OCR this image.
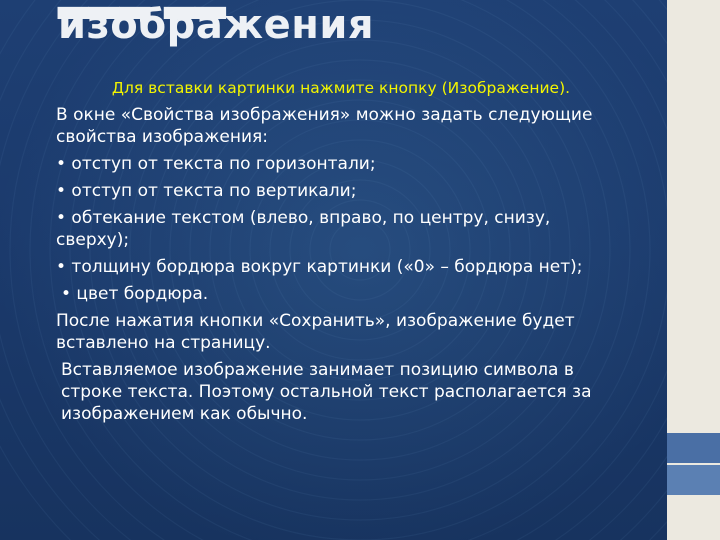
изображения

Для вставки картинки нажмите кнопку (Изображение).

В окне «Свойства изображения» можно задать следующие свойства изображения:

• отступ от текста по горизонтали;

• отступ от текста по вертикали;

• обтекание текстом (влево, вправо, по центру, снизу, сверху);

• толщину бордюра вокруг картинки («0» – бордюра нет);

• цвет бордюра.

После нажатия кнопки «Сохранить», изображение будет вставлено на страницу.

Вставляемое изображение занимает позицию символа в строке текста. Поэтому остальной текст располагается за изображением как обычно.
